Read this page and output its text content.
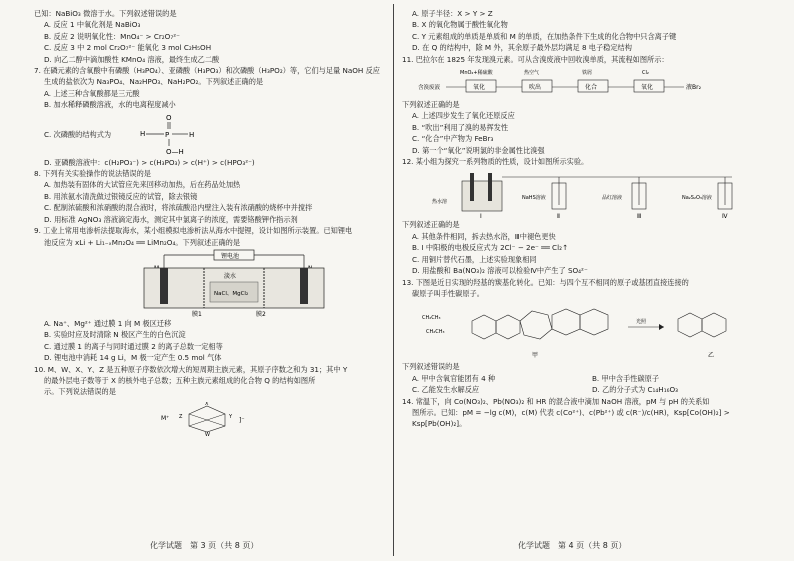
已知：NaBiO₃ 微溶于水。下列叙述错误的是

A. 反应 1 中氧化剂是 NaBiO₃

B. 反应 2 说明氧化性：MnO₄⁻ > Cr₂O₇²⁻

C. 反应 3 中 2 mol Cr₂O₇²⁻ 能氧化 3 mol C₂H₅OH

D. 向乙二醇中滴加酸性 KMnO₄ 溶液，最终生成乙二酸

7. 在磷元素的含氧酸中有磷酸（H₃PO₄）、亚磷酸（H₃PO₃）和次磷酸（H₃PO₂）等，它们与足量 NaOH 反应

生成的盐依次为 Na₃PO₄、Na₂HPO₃、NaH₂PO₂。下列叙述正确的是

A. 上述三种含氧酸都是三元酸

B. 加水稀释磷酸溶液，水的电离程度减小

C. 次磷酸的结构式为

O
H	P	H
O—H

D. 亚磷酸溶液中：c(H₂PO₃⁻) > c(H₃PO₃) > c(H⁺) > c(HPO₃²⁻)

8. 下列有关实验操作的说法错误的是

A. 加热装有固体的大试管应先来回移动加热，后在药品处加热

B. 用浓氨水清洗做过银镜反应的试管，除去银镜

C. 配制浓硫酸和浓硝酸的混合液时，将浓硫酸沿内壁注入装有浓硝酸的烧杯中并搅拌

D. 用标准 AgNO₃ 溶液滴定海水，测定其中氯离子的浓度，需要铬酸钾作指示剂

9. 工业上常用电渗析法提取海水，某小组模拟电渗析法从海水中提锂，设计如图所示装置。已知锂电

池反应为 xLi + Li₁₋ₓMn₂O₄ ══ LiMn₂O₄。下列叙述正确的是

锂电池
淡水
NaCl、MgCl₂
膜1	膜2

A. Na⁺、Mg²⁺ 通过膜 1 向 M 极区迁移

B. 实验时应及时清除 N 极区产生的白色沉淀

C. 通过膜 1 的离子与同时通过膜 2 的离子总数一定相等

D. 锂电池中消耗 14 g Li，M 极一定产生 0.5 mol 气体

10. M、W、X、Y、Z 是五种原子序数依次增大的短周期主族元素，其原子序数之和为 31；其中 Y

的最外层电子数等于 X 的核外电子总数；五种主族元素组成的化合物 Q 的结构如图所

示。下列说法错误的是

M⁺ Z	Y
X
W
]⁻

A. 原子半径：X > Y > Z

B. X 的氧化物属于酸性氧化物

C. Y 元素组成的单质是单质和 M 的单质，在加热条件下生成的化合物中只含离子键

D. 在 Q 的结构中，除 M 外，其余原子最外层均满足 8 电子稳定结构

11. 巴拉尔在 1825 年发现溴元素。可从含溴废液中回收溴单质，其流程如图所示：

含溴废液	氧化
MnO₂+稀硫酸
吹出
热空气
化合
铁屑
氧化
Cl₂
液Br₂

下列叙述正确的是

A. 上述四步发生了氧化还原反应

B. “吹出”利用了溴的易挥发性

C. “化合”中产物为 FeBr₃

D. 第一个“氧化”说明氯的非金属性比溴强

12. 某小组为探究一系列物质的性质，设计如图所示实验。

热水溶
NaHS溶液	品红溶液	Na₂S₂O₃溶液
Ⅰ	Ⅱ	Ⅲ	Ⅳ

下列叙述正确的是

A. 其他条件相同，拆去热水浴，Ⅲ中褪色更快

B. Ⅰ 中阳极的电极反应式为 2Cl⁻ − 2e⁻ ══ Cl₂↑

C. 用铜片替代石墨，上述实验现象相同

D. 用盐酸和 Ba(NO₃)₂ 溶液可以检验Ⅳ中产生了 SO₄²⁻

13. 下图是近日实现的羟基的羰基化转化。已知：与四个互不相同的原子或基团直接连接的

碳原子叫手性碳原子。

CH₂CH₃
CH₂CH₃
甲
光照
乙

下列叙述错误的是

A. 甲中含氧官能团有 4 种	B. 甲中含手性碳原子

C. 乙能发生水解反应	D. 乙的分子式为 C₁₄H₁₆O₃

14. 常温下，向 Co(NO₃)₂、Pb(NO₃)₂ 和 HR 的混合液中滴加 NaOH 溶液，pM 与 pH 的关系如

图所示。已知：pM = −lg c(M)，c(M) 代表 c(Co²⁺)、c(Pb²⁺) 或 c(R⁻)/c(HR)，Ksp[Co(OH)₂] >

Ksp[Pb(OH)₂]。

化学试题　第 3 页（共 8 页）	化学试题　第 4 页（共 8 页）
